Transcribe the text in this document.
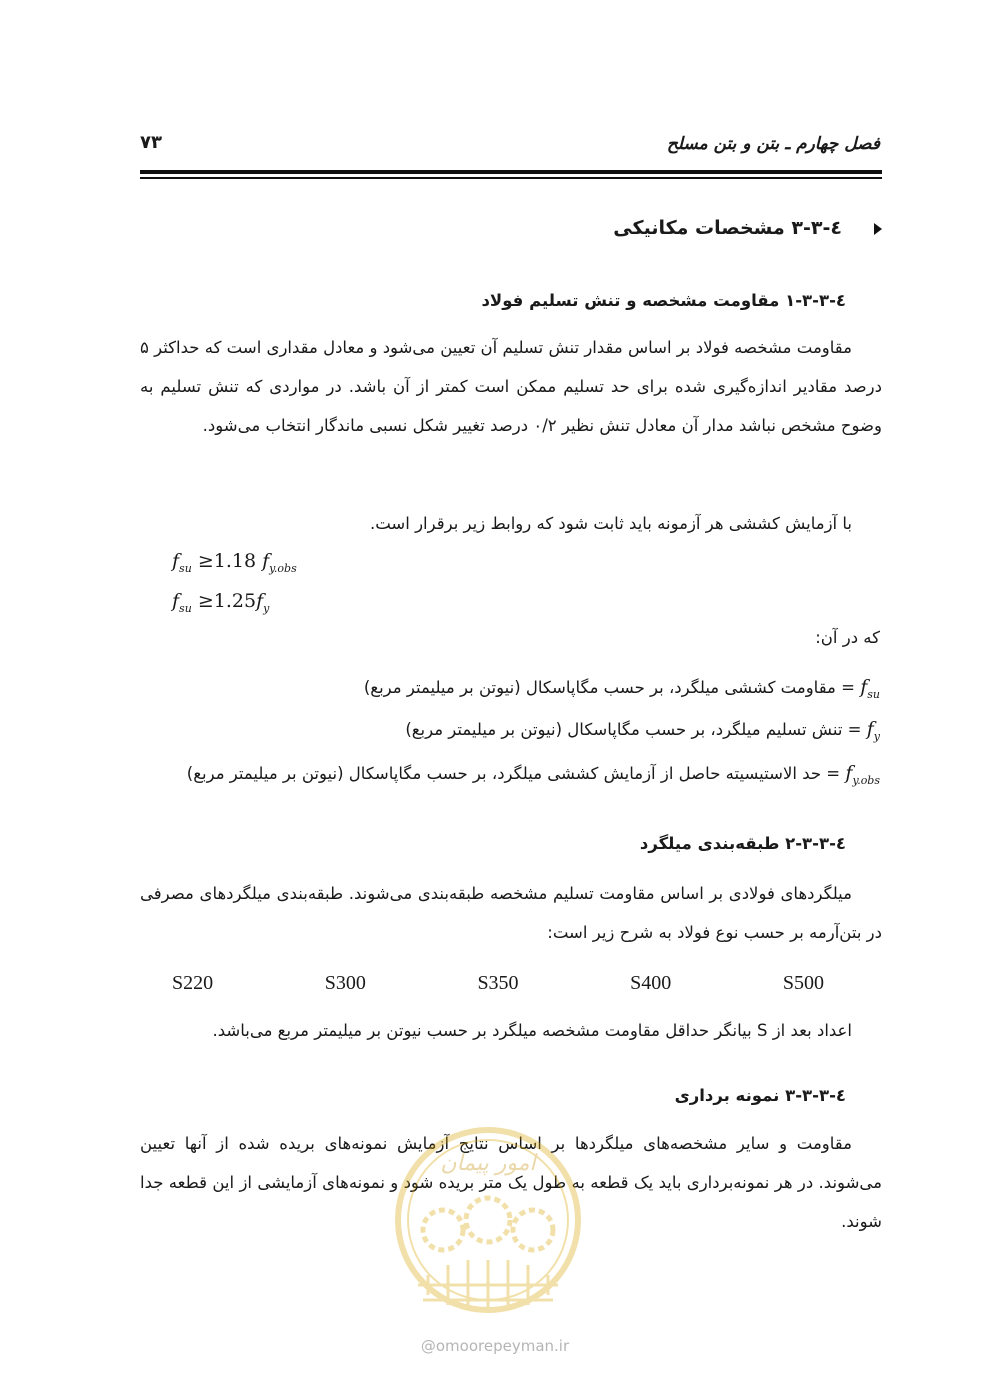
فصل چهارم ـ بتن و بتن مسلح
۷۳
٤-٣-٣ مشخصات مکانیکی
٤-٣-٣-١ مقاومت مشخصه و تنش تسلیم فولاد

مقاومت مشخصه فولاد بر اساس مقدار تنش تسلیم آن تعیین می‌شود و معادل مقداری است که حداکثر ۵ درصد مقادیر اندازه‌گیری شده برای حد تسلیم ممکن است کمتر از آن باشد. در مواردی که تنش تسلیم به وضوح مشخص نباشد مدار آن معادل تنش نظیر ۰/۲ درصد تغییر شکل نسبی ماندگار انتخاب می‌شود.

با آزمایش کششی هر آزمونه باید ثابت شود که روابط زیر برقرار است.

$f_{su} \ge 1.18$ $f_{y.obs}$
$f_{su} \ge 1.25f_y$
که در آن:
$f_{su}$ = مقاومت کششی میلگرد، بر حسب مگاپاسکال (نیوتن بر میلیمتر مربع)
$f_y$ = تنش تسلیم میلگرد، بر حسب مگاپاسکال (نیوتن بر میلیمتر مربع)
$f_{y.obs}$ = حد الاستیسیته حاصل از آزمایش کششی میلگرد، بر حسب مگاپاسکال (نیوتن بر میلیمتر مربع)
٤-٣-٣-٢ طبقه‌بندی میلگرد

میلگردهای فولادی بر اساس مقاومت تسلیم مشخصه طبقه‌بندی می‌شوند. طبقه‌بندی میلگردهای مصرفی در بتن‌آرمه بر حسب نوع فولاد به شرح زیر است:

S220	S300	S350	S400	S500

اعداد بعد از S بیانگر حداقل مقاومت مشخصه میلگرد بر حسب نیوتن بر میلیمتر مربع می‌باشد.

٤-٣-٣-٣ نمونه برداری

مقاومت و سایر مشخصه‌های میلگردها بر اساس نتایج آزمایش نمونه‌های بریده شده از آنها تعیین می‌شوند. در هر نمونه‌برداری باید یک قطعه به طول یک متر بریده شود و نمونه‌های آزمایشی از این قطعه جدا شوند.

امور پیمان
@omoorepeyman.ir
